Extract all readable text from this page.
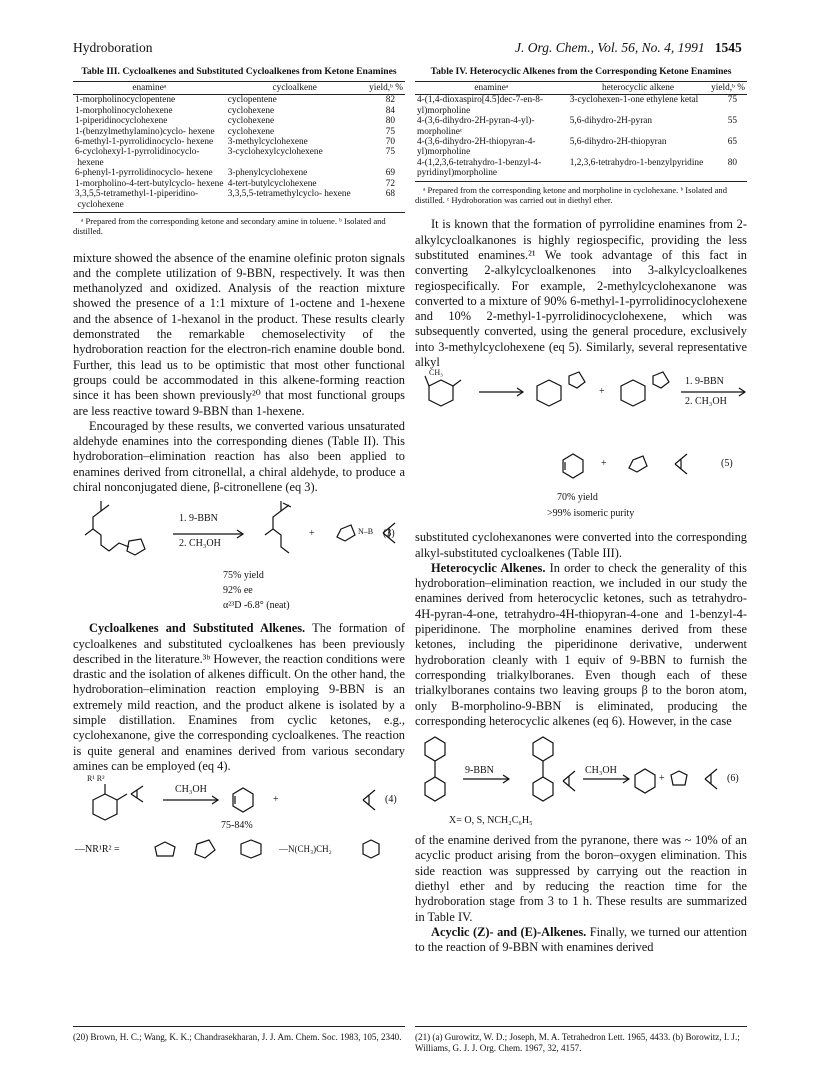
Hydroboration	J. Org. Chem., Vol. 56, No. 4, 1991 1545
Table III. Cycloalkenes and Substituted Cycloalkenes from Ketone Enamines
enamineᵃ	cycloalkene	yield,ᵇ %
1-morpholinocyclopentene	cyclopentene	82
1-morpholinocyclohexene	cyclohexene	84
1-piperidinocyclohexene	cyclohexene	80
1-(benzylmethylamino)cyclo- hexene	cyclohexene	75
6-methyl-1-pyrrolidinocyclo- hexene	3-methylcyclohexene	70
6-cyclohexyl-1-pyrrolidinocyclo- hexene	3-cyclohexylcyclohexene	75
6-phenyl-1-pyrrolidinocyclo- hexene	3-phenylcyclohexene	69
1-morpholino-4-tert-butylcyclo- hexene	4-tert-butylcyclohexene	72
3,3,5,5-tetramethyl-1-piperidino- cyclohexene	3,3,5,5-tetramethylcyclo- hexene	68
ᵃ Prepared from the corresponding ketone and secondary amine in toluene. ᵇ Isolated and distilled.

mixture showed the absence of the enamine olefinic proton signals and the complete utilization of 9-BBN, respectively. It was then methanolyzed and oxidized. Analysis of the reaction mixture showed the presence of a 1:1 mixture of 1-octene and 1-hexene and the absence of 1-hexanol in the product. These results clearly demonstrated the remarkable chemoselectivity of the hydroboration reaction for the electron-rich enamine double bond. Further, this lead us to be optimistic that most other functional groups could be accommodated in this alkene-forming reaction since it has been shown previously²⁰ that most functional groups are less reactive toward 9-BBN than 1-hexene.

Encouraged by these results, we converted various unsaturated aldehyde enamines into the corresponding dienes (Table II). This hydroboration–elimination reaction has also been applied to enamines derived from citronellal, a chiral aldehyde, to produce a chiral nonconjugated diene, β-citronellene (eq 3).

1. 9-BBN
2. CH₃OH
+	N–B (3)
75% yield
92% ee
α²³D -6.8° (neat)

Cycloalkenes and Substituted Alkenes. The formation of cycloalkenes and substituted cycloalkenes has been previously described in the literature.³ᵇ However, the reaction conditions were drastic and the isolation of alkenes difficult. On the other hand, the hydroboration–elimination reaction employing 9-BBN is an extremely mild reaction, and the product alkene is isolated by a simple distillation. Enamines from cyclic ketones, e.g., cyclohexanone, give the corresponding cycloalkenes. The reaction is quite general and enamines derived from various secondary amines can be employed (eq 4).

R¹ R²
CH₃OH
+	(4)
75-84%
—NR¹R² =	—N(CH₃)CH₂
(20) Brown, H. C.; Wang, K. K.; Chandrasekharan, J. J. Am. Chem. Soc. 1983, 105, 2340.
Table IV. Heterocyclic Alkenes from the Corresponding Ketone Enamines
enamineᵃ	heterocyclic alkene	yield,ᵇ %
4-(1,4-dioxaspiro[4.5]dec-7-en-8-yl)morpholine	3-cyclohexen-1-one ethylene ketal	75
4-(3,6-dihydro-2H-pyran-4-yl)-morpholineᶜ	5,6-dihydro-2H-pyran	55
4-(3,6-dihydro-2H-thiopyran-4-yl)morpholine	5,6-dihydro-2H-thiopyran	65
4-(1,2,3,6-tetrahydro-1-benzyl-4-pyridinyl)morpholine	1,2,3,6-tetrahydro-1-benzylpyridine	80
ᵃ Prepared from the corresponding ketone and morpholine in cyclohexane. ᵇ Isolated and distilled. ᶜ Hydroboration was carried out in diethyl ether.

It is known that the formation of pyrrolidine enamines from 2-alkylcycloalkanones is highly regiospecific, providing the less substituted enamines.²¹ We took advantage of this fact in converting 2-alkylcycloalkenones into 3-alkylcycloalkenes regiospecifically. For example, 2-methylcyclohexanone was converted to a mixture of 90% 6-methyl-1-pyrrolidinocyclohexene and 10% 2-methyl-1-pyrrolidinocyclohexene, which was subsequently converted, using the general procedure, exclusively into 3-methylcyclohexene (eq 5). Similarly, several representative alkyl

CH₃
1. 9-BBN
2. CH₃OH
+
+	(5)
70% yield
>99% isomeric purity

substituted cyclohexanones were converted into the corresponding alkyl-substituted cycloalkenes (Table III).

Heterocyclic Alkenes. In order to check the generality of this hydroboration–elimination reaction, we included in our study the enamines derived from heterocyclic ketones, such as tetrahydro-4H-pyran-4-one, tetrahydro-4H-thiopyran-4-one and 1-benzyl-4-piperidinone. The morpholine enamines derived from these ketones, including the piperidinone derivative, underwent hydroboration cleanly with 1 equiv of 9-BBN to furnish the corresponding trialkylboranes. Even though each of these trialkylboranes contains two leaving groups β to the boron atom, only B-morpholino-9-BBN is eliminated, producing the corresponding heterocyclic alkenes (eq 6). However, in the case

9-BBN	CH₃OH
+	(6)
X= O, S, NCH₂C₆H₅

of the enamine derived from the pyranone, there was ~ 10% of an acyclic product arising from the boron–oxygen elimination. This side reaction was suppressed by carrying out the reaction in diethyl ether and by reducing the reaction time for the hydroboration stage from 3 to 1 h. These results are summarized in Table IV.

Acyclic (Z)- and (E)-Alkenes. Finally, we turned our attention to the reaction of 9-BBN with enamines derived

(21) (a) Gurowitz, W. D.; Joseph, M. A. Tetrahedron Lett. 1965, 4433. (b) Borowitz, I. J.; Williams, G. J. J. Org. Chem. 1967, 32, 4157.
